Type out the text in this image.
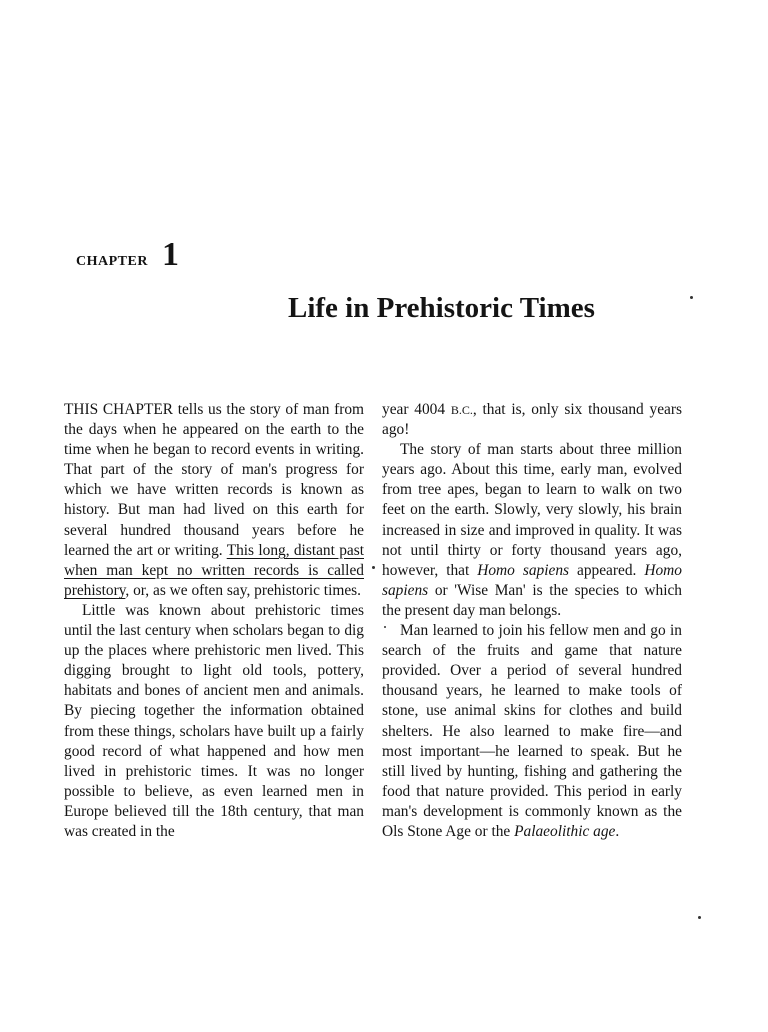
CHAPTER 1
Life in Prehistoric Times

THIS CHAPTER tells us the story of man from the days when he appeared on the earth to the time when he began to record events in writing. That part of the story of man's progress for which we have written records is known as history. But man had lived on this earth for several hundred thousand years before he learned the art or writing. This long, distant past when man kept no written records is called prehistory, or, as we often say, prehistoric times.

Little was known about prehistoric times until the last century when scholars began to dig up the places where prehistoric men lived. This digging brought to light old tools, pottery, habitats and bones of ancient men and animals. By piecing together the information obtained from these things, scholars have built up a fairly good record of what happened and how men lived in prehistoric times. It was no longer possible to believe, as even learned men in Europe believed till the 18th century, that man was created in the

year 4004 B.C., that is, only six thousand years ago!

The story of man starts about three million years ago. About this time, early man, evolved from tree apes, began to learn to walk on two feet on the earth. Slowly, very slowly, his brain increased in size and improved in quality. It was not until thirty or forty thousand years ago, however, that Homo sapiens appeared. Homo sapiens or 'Wise Man' is the species to which the present day man belongs.

Man learned to join his fellow men and go in search of the fruits and game that nature provided. Over a period of several hundred thousand years, he learned to make tools of stone, use animal skins for clothes and build shelters. He also learned to make fire—and most important—he learned to speak. But he still lived by hunting, fishing and gathering the food that nature provided. This period in early man's development is commonly known as the Ols Stone Age or the Palaeolithic age.
